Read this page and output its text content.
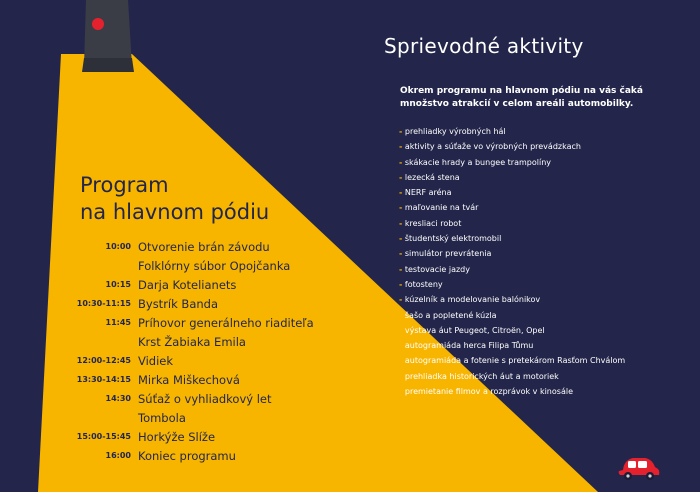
Program
na hlavnom pódiu
10:00 Otvorenie brán závodu
Folklórny súbor Opojčanka
10:15 Darja Kotelianets
10:30-11:15 Bystrík Banda
11:45 Príhovor generálneho riaditeľa
Krst Žabiaka Emila
12:00-12:45 Vidiek
13:30-14:15 Mirka Miškechová
14:30 Súťaž o vyhliadkový let
Tombola
15:00-15:45 Horkýže Slíže
16:00 Koniec programu
Sprievodné aktivity

Okrem programu na hlavnom pódiu na vás čaká množstvo atrakcií v celom areáli automobilky.

- prehliadky výrobných hál
- aktivity a súťaže vo výrobných prevádzkach
- skákacie hrady a bungee trampolíny
- lezecká stena
- NERF aréna
- maľovanie na tvár
- kresliaci robot
- študentský elektromobil
- simulátor prevrátenia
- testovacie jazdy
- fotosteny
- kúzelník a modelovanie balónikov
- šašo a popletené kúzla
- výstava áut Peugeot, Citroën, Opel
- autogramiáda herca Filipa Tůmu
- autogramiáda a fotenie s pretekárom Rasťom Chválom
- prehliadka historických áut a motoriek
- premietanie filmov a rozprávok v kinosále
